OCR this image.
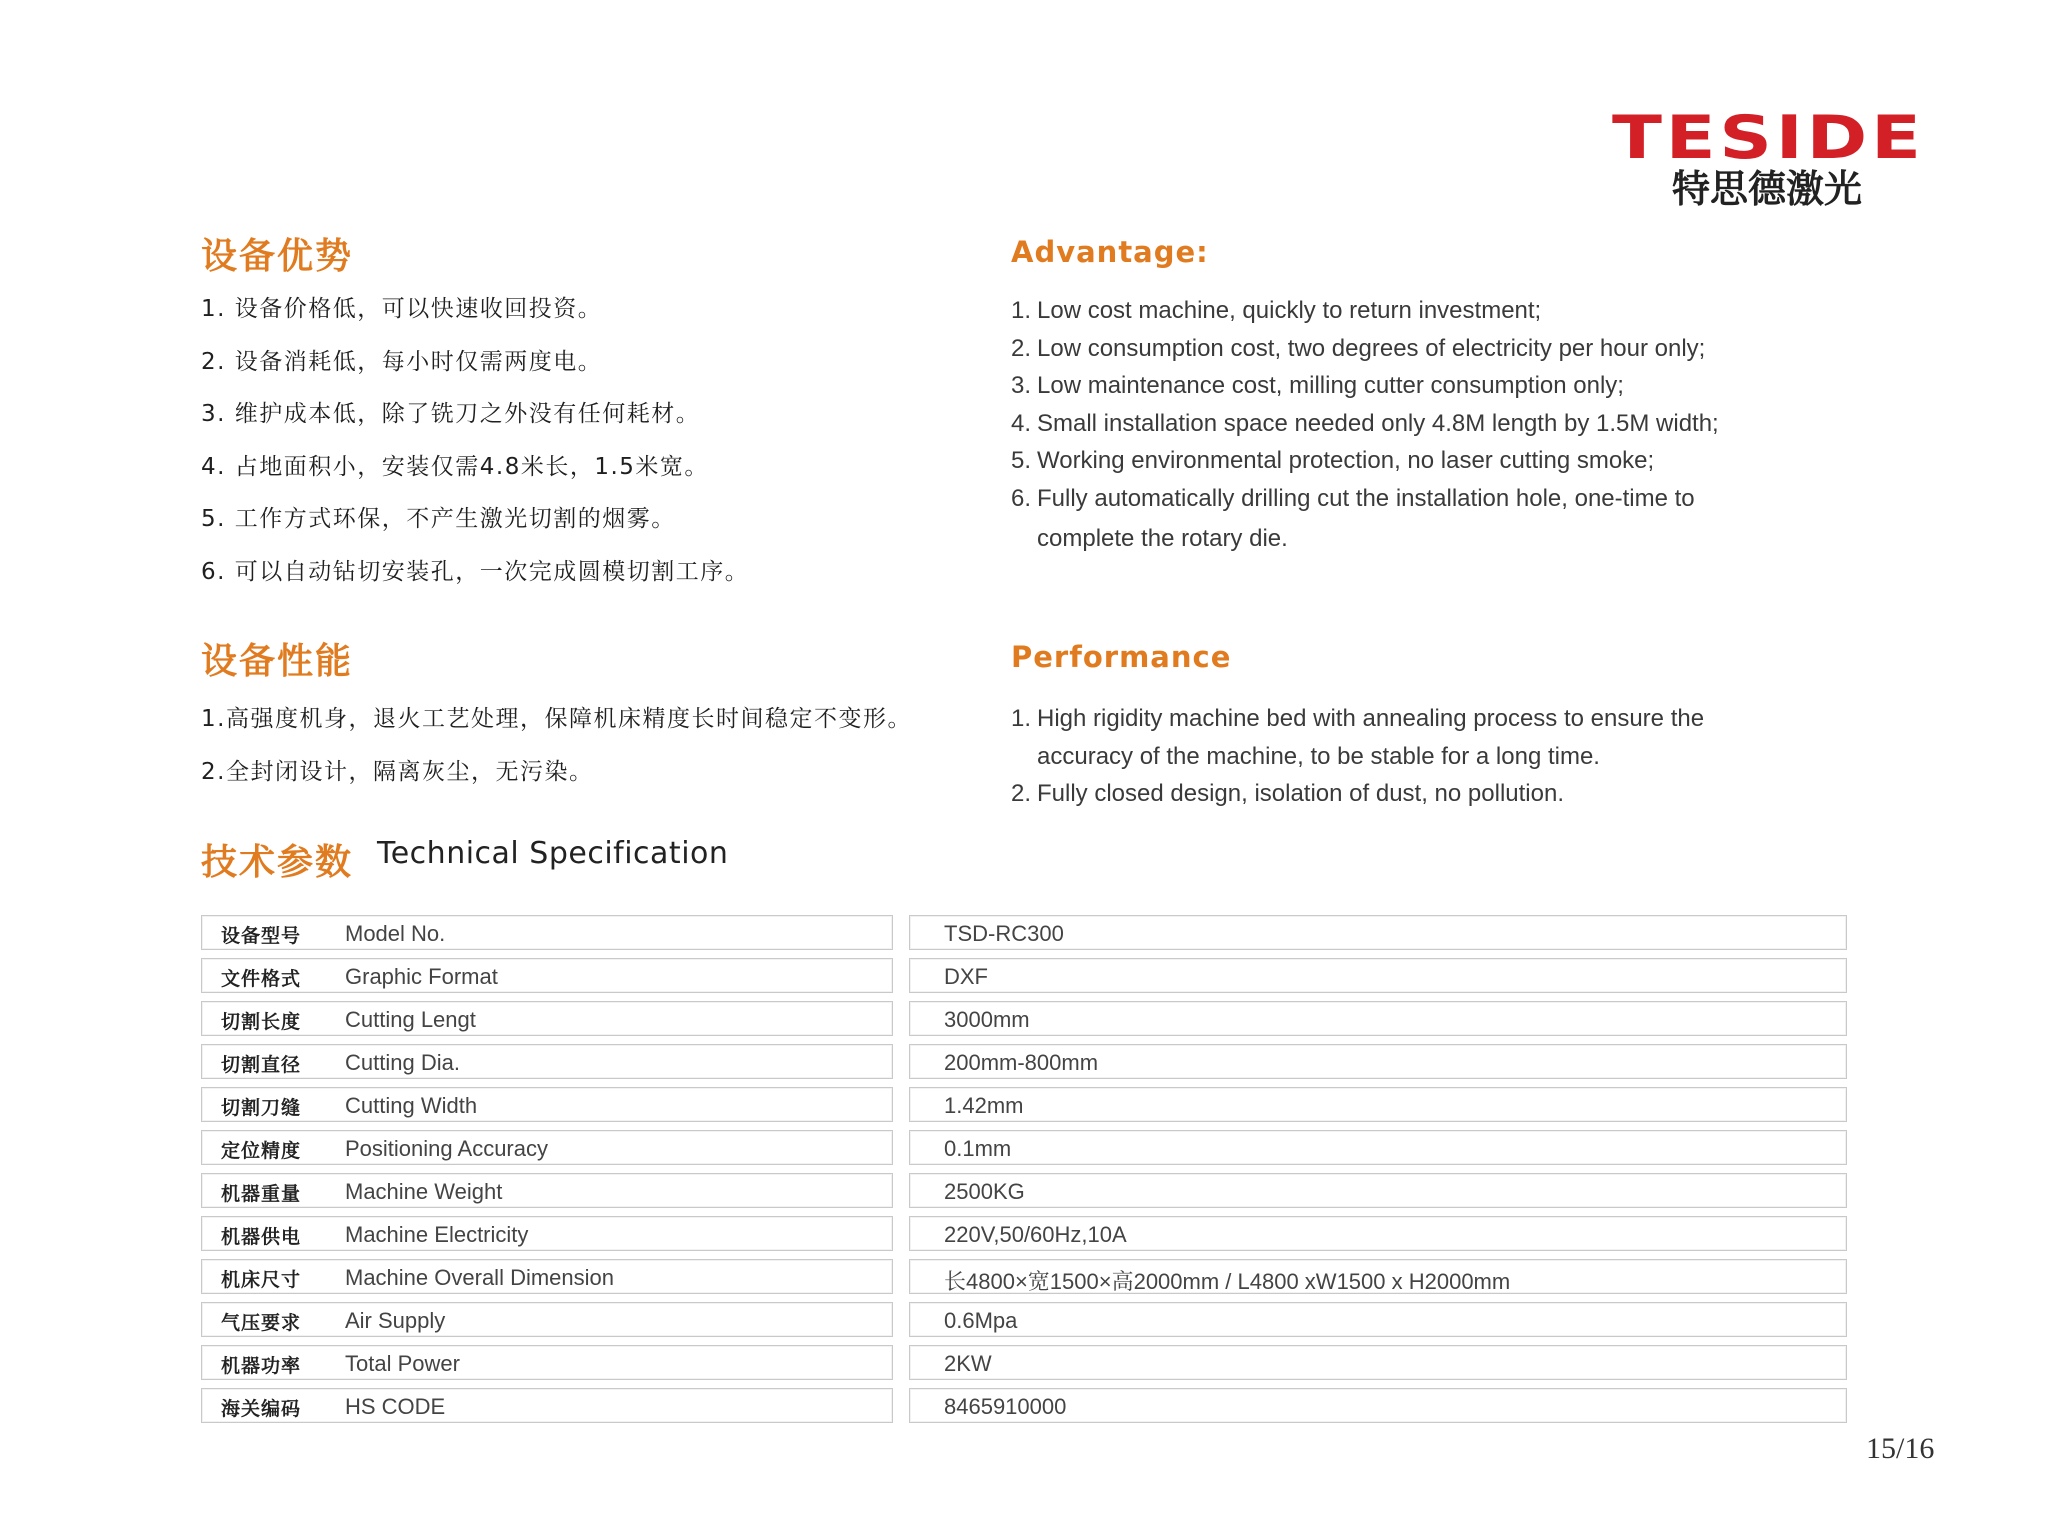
TESIDE
特思德激光
设备优势	Advantage:
1. 设备价格低，可以快速收回投资。
2. 设备消耗低，每小时仅需两度电。
3. 维护成本低，除了铣刀之外没有任何耗材。
4. 占地面积小，安装仅需4.8米长，1.5米宽。
5. 工作方式环保，不产生激光切割的烟雾。
6. 可以自动钻切安装孔，一次完成圆模切割工序。
1. Low cost machine, quickly to return investment;
2. Low consumption cost, two degrees of electricity per hour only;
3. Low maintenance cost, milling cutter consumption only;
4. Small installation space needed only 4.8M length by 1.5M width;
5. Working environmental protection, no laser cutting smoke;
6. Fully automatically drilling cut the installation hole, one-time to
complete the rotary die.
设备性能	Performance
1.高强度机身，退火工艺处理，保障机床精度长时间稳定不变形。
2.全封闭设计，隔离灰尘，无污染。
1. High rigidity machine bed with annealing process to ensure the
accuracy of the machine, to be stable for a long time.
2. Fully closed design, isolation of dust, no pollution.
技术参数 Technical Specification
设备型号 Model No.	TSD-RC300
文件格式 Graphic Format	DXF
切割长度 Cutting Lengt	3000mm
切割直径 Cutting Dia.	200mm-800mm
切割刀缝 Cutting Width	1.42mm
定位精度 Positioning Accuracy	0.1mm
机器重量 Machine Weight	2500KG
机器供电 Machine Electricity	220V,50/60Hz,10A
机床尺寸 Machine Overall Dimension	长4800×宽1500×高2000mm / L4800 xW1500 x H2000mm
气压要求 Air Supply	0.6Mpa
机器功率 Total Power	2KW
海关编码 HS CODE	8465910000
15/16
